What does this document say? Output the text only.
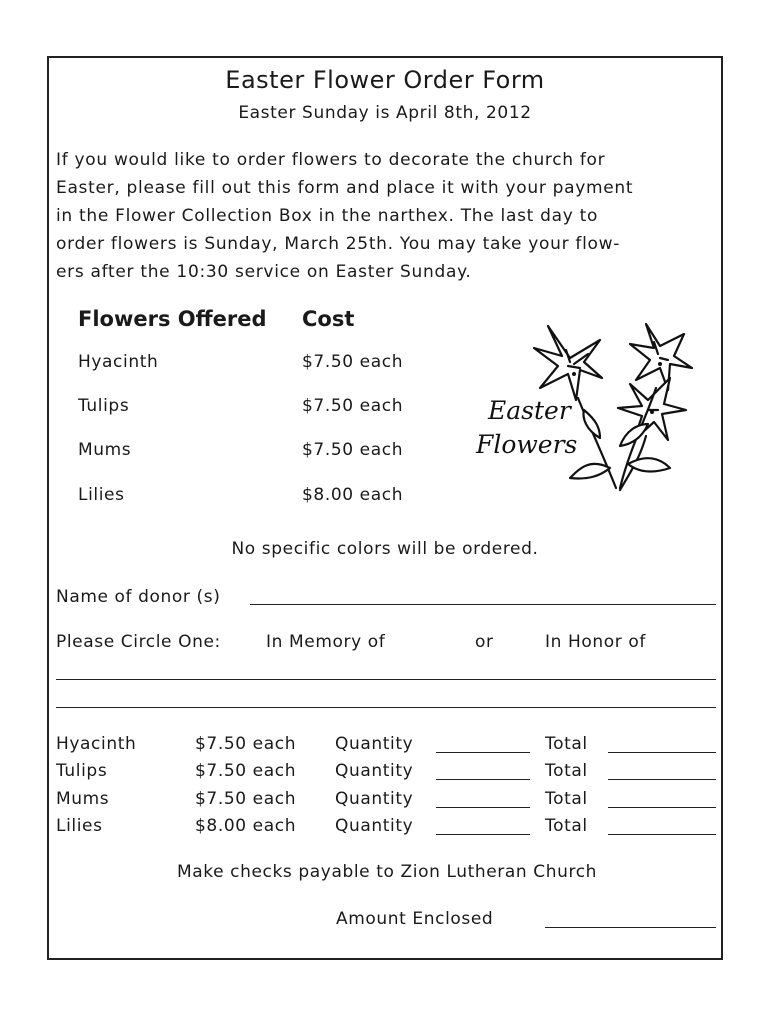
Easter Flower Order Form
Easter Sunday is April 8th, 2012
If you would like to order flowers to decorate the church for
Easter, please fill out this form and place it with your payment
in the Flower Collection Box in the narthex. The last day to
order flowers is Sunday, March 25th. You may take your flow-
ers after the 10:30 service on Easter Sunday.
Flowers Offered Cost
Hyacinth	$7.50 each
Tulips	$7.50 each
Mums	$7.50 each
Lilies	$8.00 each
Easter
Flowers
No specific colors will be ordered.
Name of donor (s)
Please Circle One:	In Memory of	or	In Honor of
Hyacinth	$7.50 each Quantity	Total
Tulips	$7.50 each Quantity	Total
Mums	$7.50 each Quantity	Total
Lilies	$8.00 each Quantity	Total
Make checks payable to Zion Lutheran Church
Amount Enclosed
